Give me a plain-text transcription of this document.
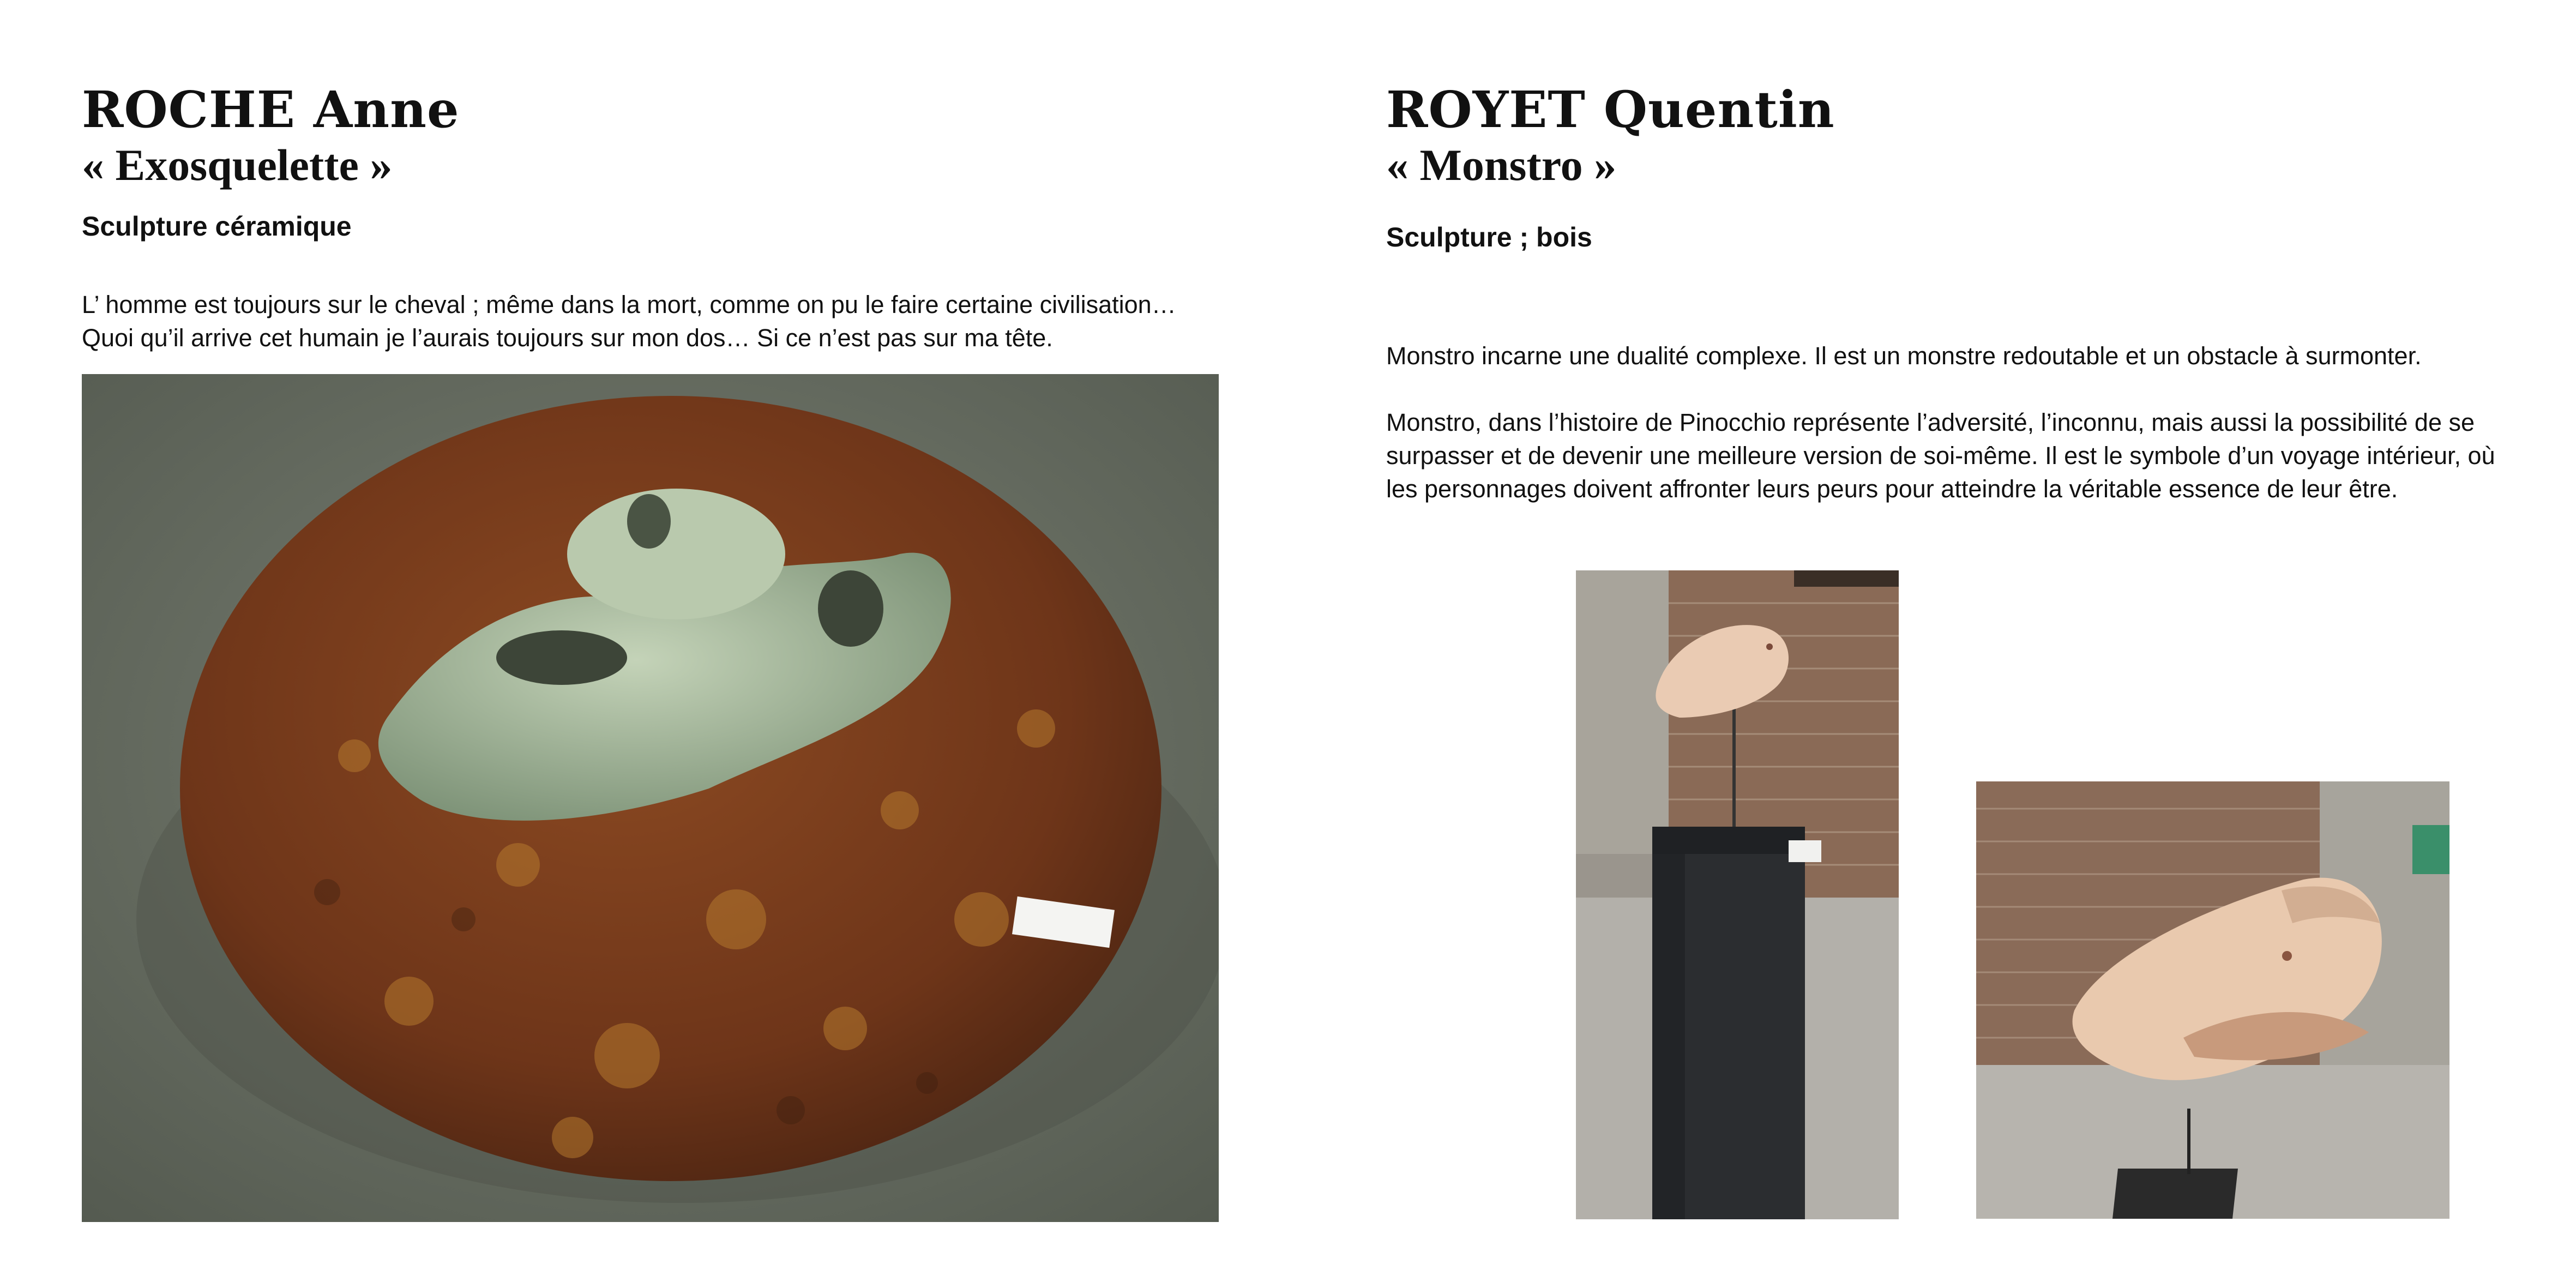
ROCHE Anne
« Exosquelette »

Sculpture céramique

L’ homme est toujours sur le cheval ; même dans la mort, comme on pu le faire certaine civilisation…
Quoi qu’il arrive cet humain je l’aurais toujours sur mon dos… Si ce n’est pas sur ma tête.
ROYET Quentin
« Monstro »

Sculpture ; bois

Monstro incarne une dualité complexe. Il est un monstre redoutable et un obstacle à surmonter.
Monstro, dans l’histoire de Pinocchio représente l’adversité, l’inconnu, mais aussi la possibilité de se
surpasser et de devenir une meilleure version de soi-même. Il est le symbole d’un voyage intérieur, où
les personnages doivent affronter leurs peurs pour atteindre la véritable essence de leur être.
